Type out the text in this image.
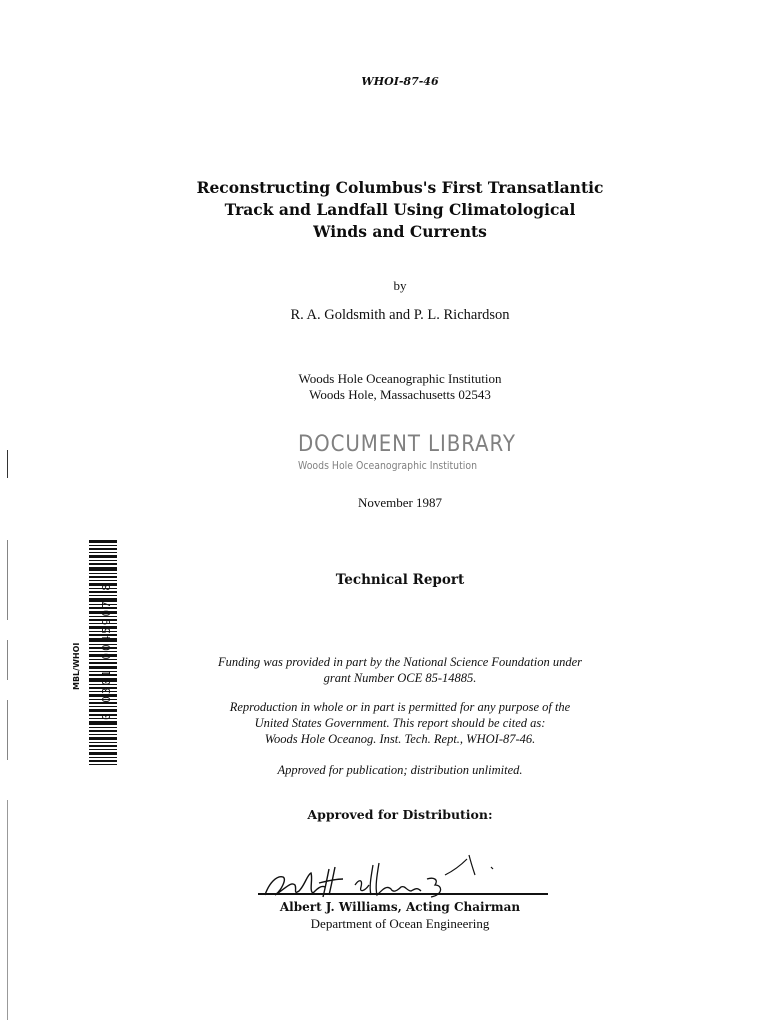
WHOI-87-46
Reconstructing Columbus's First Transatlantic
Track and Landfall Using Climatological
Winds and Currents
by
R. A. Goldsmith and P. L. Richardson
Woods Hole Oceanographic Institution
Woods Hole, Massachusetts 02543
DOCUMENT LIBRARY
Woods Hole Oceanographic Institution
November 1987
Technical Report
Funding was provided in part by the National Science Foundation under
grant Number OCE 85-14885.
Reproduction in whole or in part is permitted for any purpose of the
United States Government. This report should be cited as:
Woods Hole Oceanog. Inst. Tech. Rept., WHOI-87-46.
Approved for publication; distribution unlimited.
Approved for Distribution:
Albert J. Williams, Acting Chairman
Department of Ocean Engineering
MBL/WHOI 0 0301 0045907 8
